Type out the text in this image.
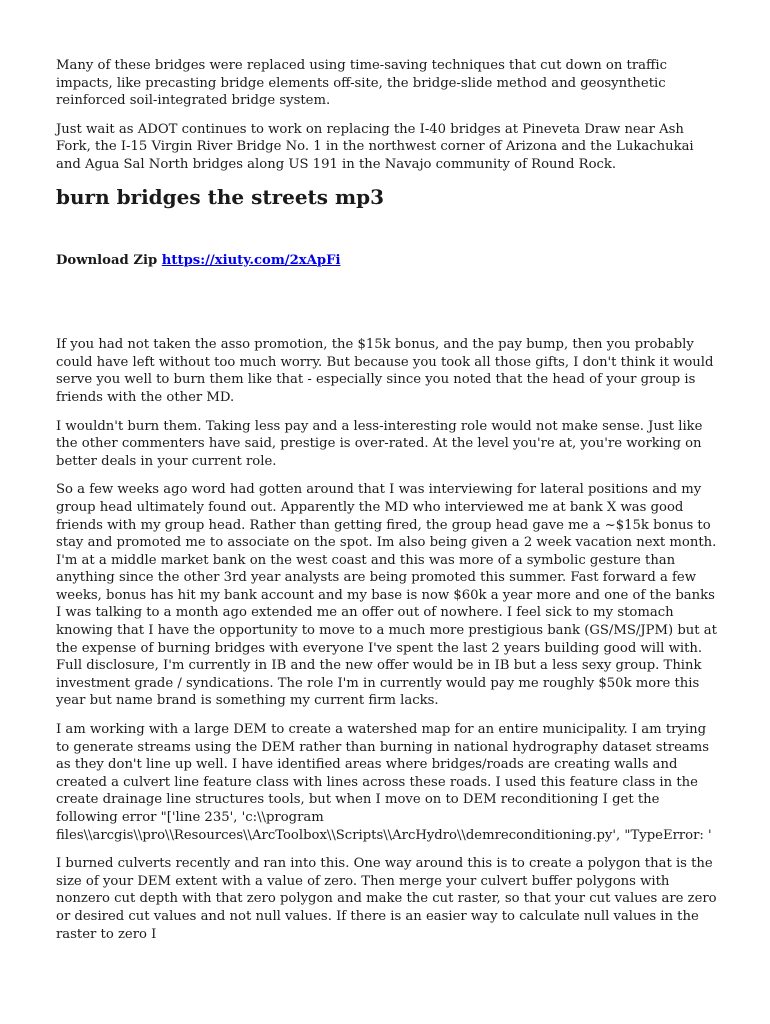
Many of these bridges were replaced using time-saving techniques that cut down on traffic impacts, like precasting bridge elements off-site, the bridge-slide method and geosynthetic reinforced soil-integrated bridge system.

Just wait as ADOT continues to work on replacing the I-40 bridges at Pineveta Draw near Ash Fork, the I-15 Virgin River Bridge No. 1 in the northwest corner of Arizona and the Lukachukai and Agua Sal North bridges along US 191 in the Navajo community of Round Rock.

burn bridges the streets mp3
Download Zip https://xiuty.com/2xApFi

If you had not taken the asso promotion, the $15k bonus, and the pay bump, then you probably could have left without too much worry. But because you took all those gifts, I don't think it would serve you well to burn them like that - especially since you noted that the head of your group is friends with the other MD.

I wouldn't burn them. Taking less pay and a less-interesting role would not make sense. Just like the other commenters have said, prestige is over-rated. At the level you're at, you're working on better deals in your current role.

So a few weeks ago word had gotten around that I was interviewing for lateral positions and my group head ultimately found out. Apparently the MD who interviewed me at bank X was good friends with my group head. Rather than getting fired, the group head gave me a ~$15k bonus to stay and promoted me to associate on the spot. Im also being given a 2 week vacation next month. I'm at a middle market bank on the west coast and this was more of a symbolic gesture than anything since the other 3rd year analysts are being promoted this summer. Fast forward a few weeks, bonus has hit my bank account and my base is now $60k a year more and one of the banks I was talking to a month ago extended me an offer out of nowhere. I feel sick to my stomach knowing that I have the opportunity to move to a much more prestigious bank (GS/MS/JPM) but at the expense of burning bridges with everyone I've spent the last 2 years building good will with. Full disclosure, I'm currently in IB and the new offer would be in IB but a less sexy group. Think investment grade / syndications. The role I'm in currently would pay me roughly $50k more this year but name brand is something my current firm lacks.

I am working with a large DEM to create a watershed map for an entire municipality. I am trying to generate streams using the DEM rather than burning in national hydrography dataset streams as they don't line up well. I have identified areas where bridges/roads are creating walls and created a culvert line feature class with lines across these roads. I used this feature class in the create drainage line structures tools, but when I move on to DEM reconditioning I get the following error "['line 235', 'c:\\program
files\\arcgis\\pro\\Resources\\ArcToolbox\\Scripts\\ArcHydro\\demreconditioning.py', "TypeError: '

I burned culverts recently and ran into this. One way around this is to create a polygon that is the size of your DEM extent with a value of zero. Then merge your culvert buffer polygons with nonzero cut depth with that zero polygon and make the cut raster, so that your cut values are zero or desired cut values and not null values. If there is an easier way to calculate null values in the raster to zero I
